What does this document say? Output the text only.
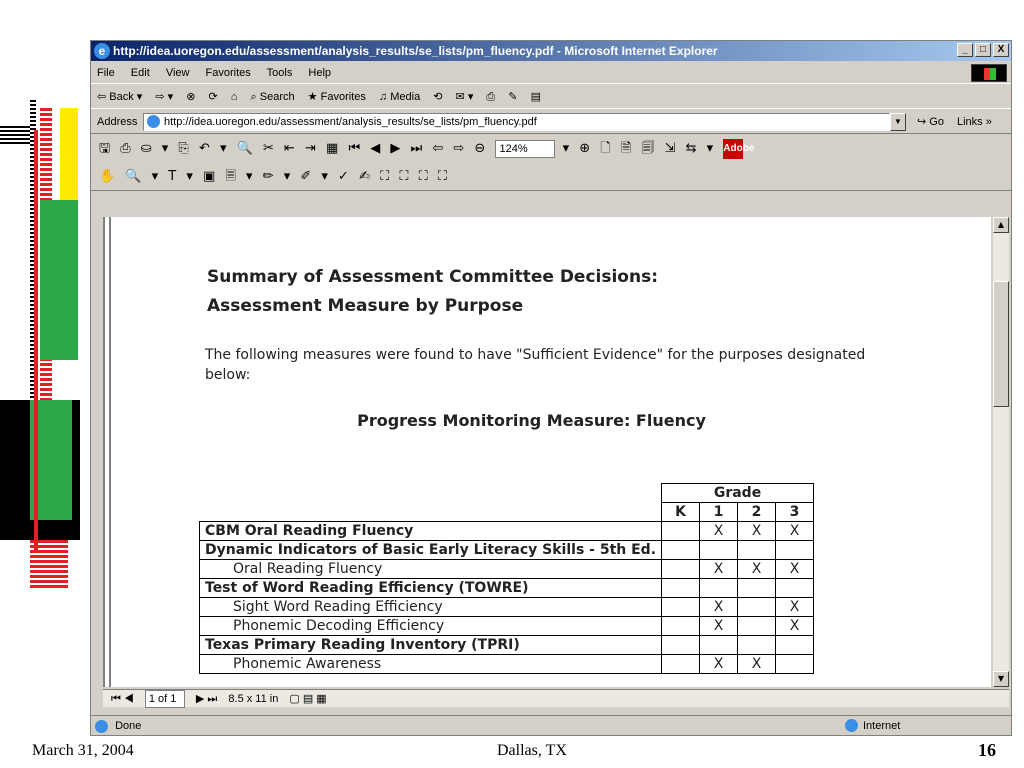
e http://idea.uoregon.edu/assessment/analysis_results/se_lists/pm_fluency.pdf - Microsoft Internet Explorer	_	□	X
File Edit View Favorites Tools Help
⇦ Back ▾ ⇨ ▾ ⊗ ⟳ ⌂ ⌕ Search ★ Favorites ♫ Media ⟲ ✉ ▾ ⎙ ✎ ▤
Address	http://idea.uoregon.edu/assessment/analysis_results/se_lists/pm_fluency.pdf	▼	↪ Go Links »
🖫 ⎙ ⛀ ▾ ⎘ ↶ ▾ 🔍 ✂ ⇤ ⇥ ▦ ⏮ ◀ ▶ ⏭ ⇦ ⇨ ⊖ 124%	▾ ⊕ 🗋 🗎 🗐 ⇲ ⇆ ▾ Adobe
✋ 🔍 ▾ T ▾ ▣ 🗏 ▾ ✏ ▾ ✐ ▾ ✓ ✍ ⛶ ⛶ ⛶ ⛶
Summary of Assessment Committee Decisions:
Assessment Measure by Purpose
The following measures were found to have "Sufficient Evidence" for the purposes designated below:
Progress Monitoring Measure: Fluency
	Grade			
	K	1	2	3
CBM Oral Reading Fluency		X	X	X
Dynamic Indicators of Basic Early Literacy Skills - 5th Ed.				
Oral Reading Fluency		X	X	X
Test of Word Reading Efficiency (TOWRE)				
Sight Word Reading Efficiency		X		X
Phonemic Decoding Efficiency		X		X
Texas Primary Reading Inventory (TPRI)				
Phonemic Awareness		X	X	
▲
▼
⏮ ◀ 1 of 1 ▶ ⏭ 8.5 x 11 in ▢ ▤ ▦
Done	Internet
March 31, 2004	Dallas, TX	16
